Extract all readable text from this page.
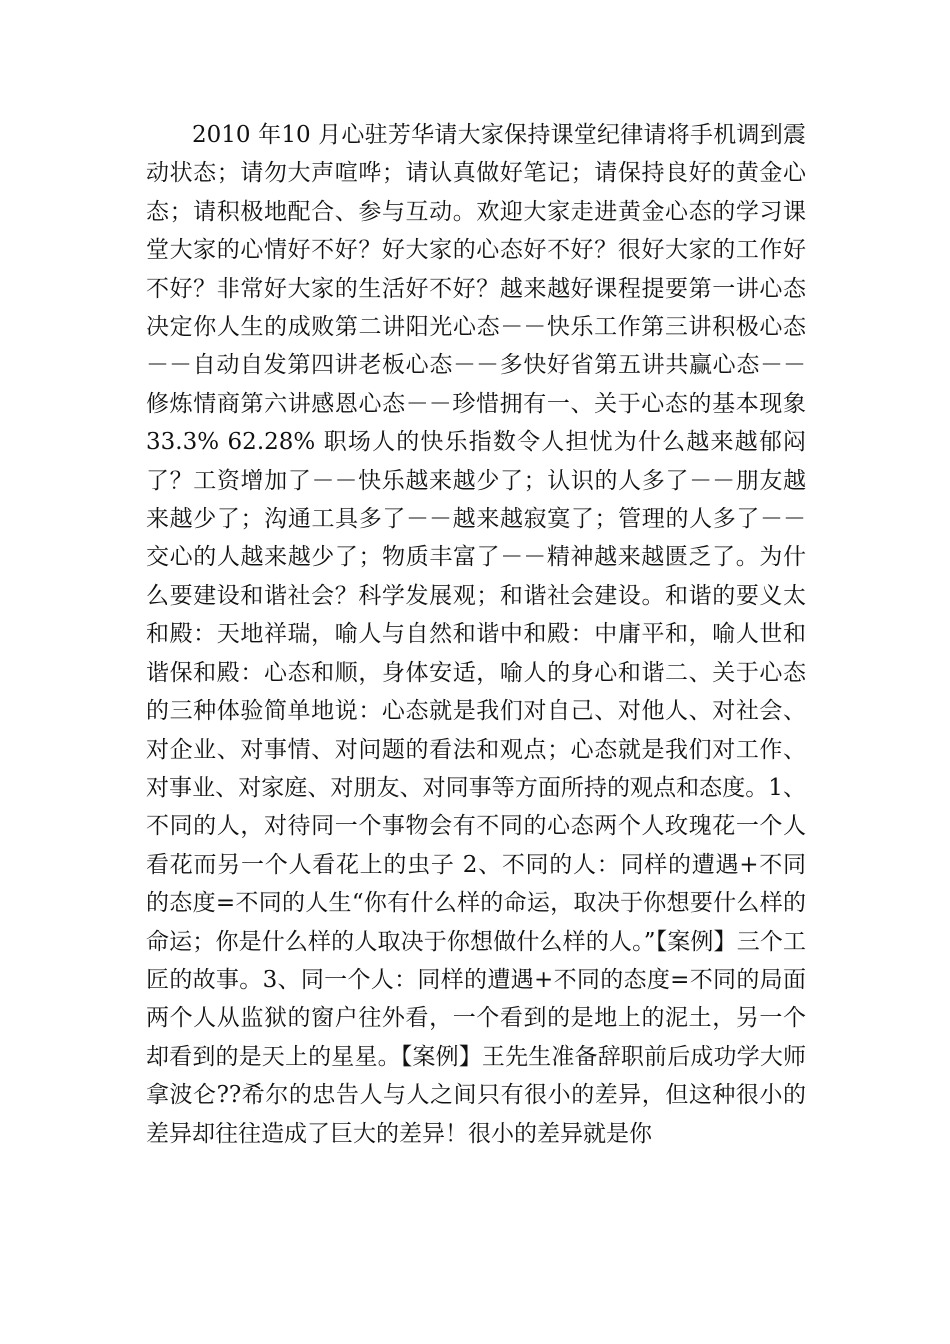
2010 年10 月心驻芳华请大家保持课堂纪律请将手机调到震动状态；请勿大声喧哗；请认真做好笔记；请保持良好的黄金心态；请积极地配合、参与互动。欢迎大家走进黄金心态的学习课堂大家的心情好不好？好大家的心态好不好？很好大家的工作好不好？非常好大家的生活好不好？越来越好课程提要第一讲心态决定你人生的成败第二讲阳光心态－－快乐工作第三讲积极心态－－自动自发第四讲老板心态－－多快好省第五讲共赢心态－－修炼情商第六讲感恩心态－－珍惜拥有一、关于心态的基本现象 33.3% 62.28% 职场人的快乐指数令人担忧为什么越来越郁闷了？工资增加了－－快乐越来越少了；认识的人多了－－朋友越来越少了；沟通工具多了－－越来越寂寞了；管理的人多了－－交心的人越来越少了；物质丰富了－－精神越来越匮乏了。为什么要建设和谐社会？科学发展观；和谐社会建设。和谐的要义太和殿：天地祥瑞，喻人与自然和谐中和殿：中庸平和，喻人世和谐保和殿：心态和顺，身体安适，喻人的身心和谐二、关于心态的三种体验简单地说：心态就是我们对自己、对他人、对社会、对企业、对事情、对问题的看法和观点；心态就是我们对工作、对事业、对家庭、对朋友、对同事等方面所持的观点和态度。1、不同的人，对待同一个事物会有不同的心态两个人玫瑰花一个人看花而另一个人看花上的虫子 2、不同的人：同样的遭遇+不同的态度=不同的人生“你有什么样的命运，取决于你想要什么样的命运；你是什么样的人取决于你想做什么样的人。”【案例】三个工匠的故事。3、同一个人：同样的遭遇+不同的态度=不同的局面两个人从监狱的窗户往外看，一个看到的是地上的泥土，另一个却看到的是天上的星星。【案例】王先生准备辞职前后成功学大师拿波仑??希尔的忠告人与人之间只有很小的差异，但这种很小的差异却往往造成了巨大的差异！很小的差异就是你
